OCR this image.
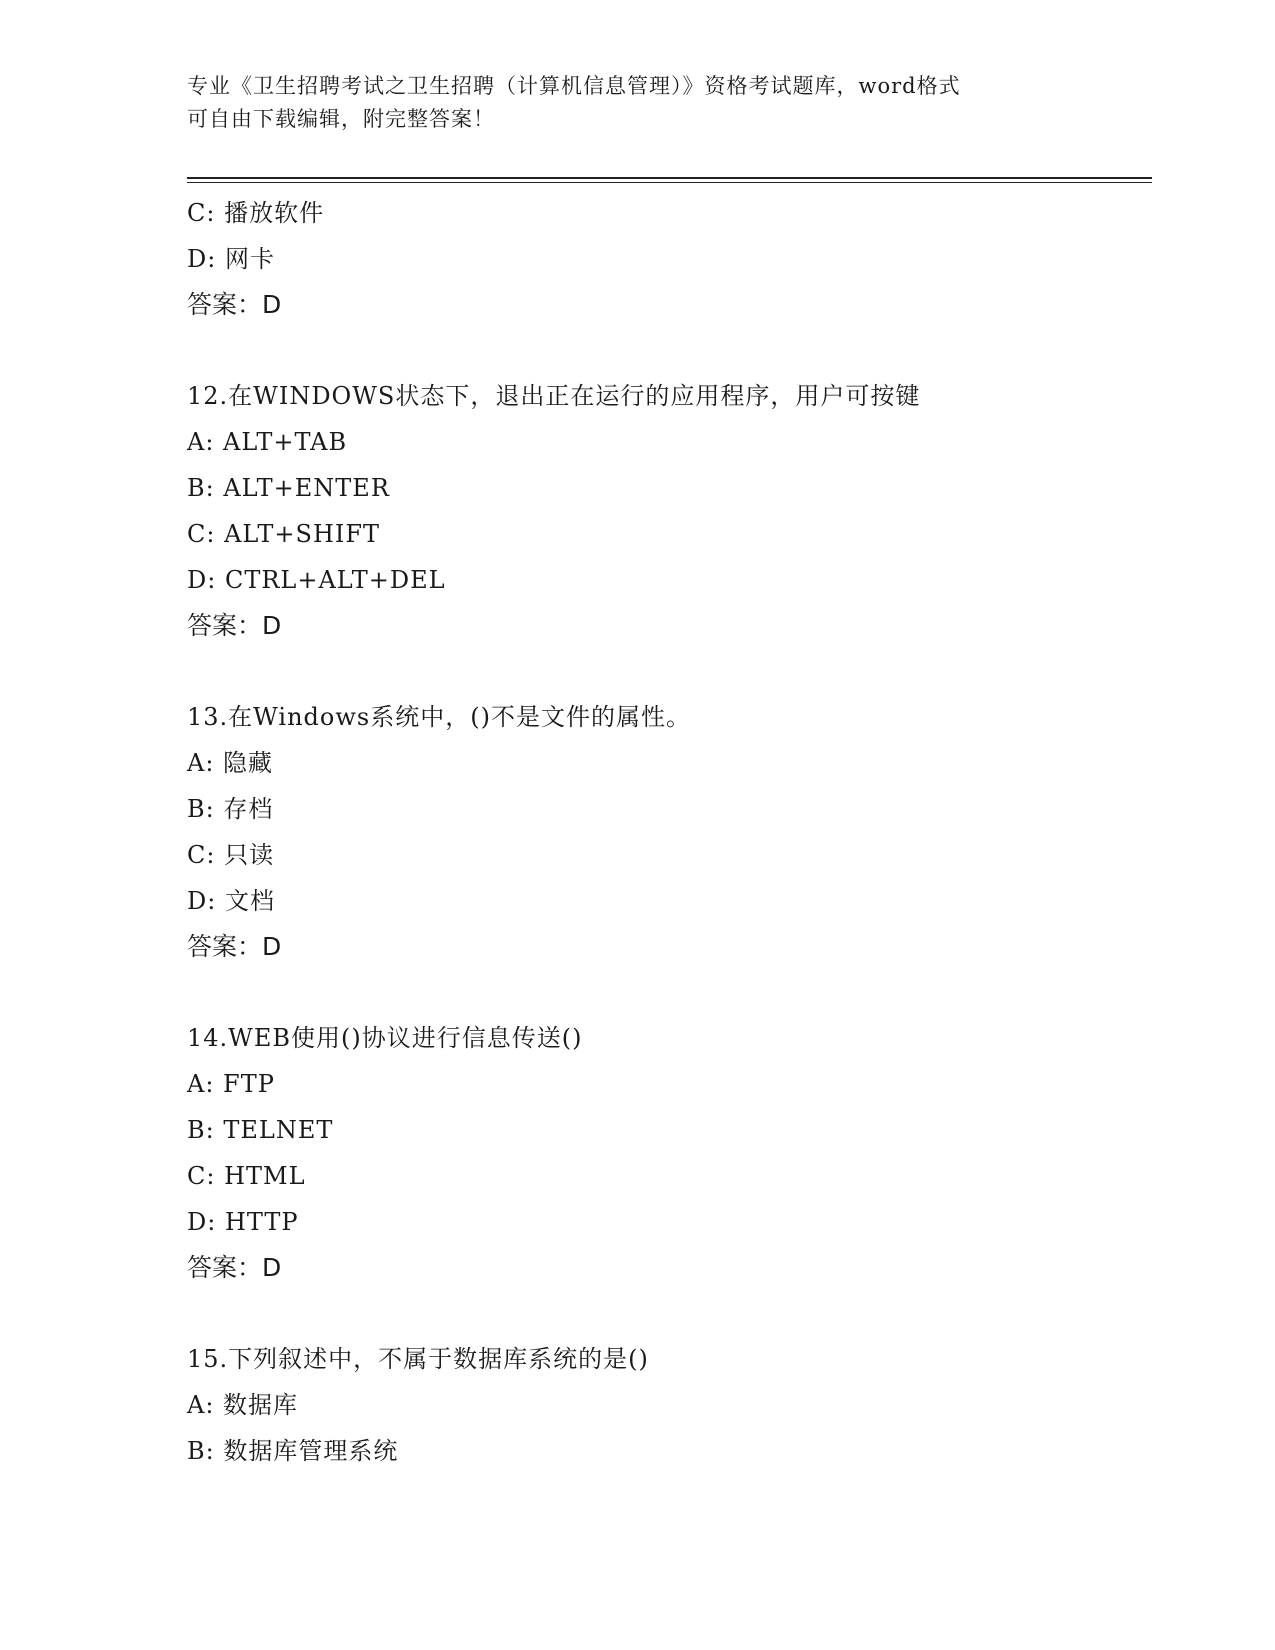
专业《卫生招聘考试之卫生招聘（计算机信息管理）》资格考试题库，word格式
可自由下载编辑，附完整答案！
C: 播放软件
D: 网卡
答案：D
12.在WINDOWS状态下，退出正在运行的应用程序，用户可按键
A: ALT+TAB
B: ALT+ENTER
C: ALT+SHIFT
D: CTRL+ALT+DEL
答案：D
13.在Windows系统中，()不是文件的属性。
A: 隐藏
B: 存档
C: 只读
D: 文档
答案：D
14.WEB使用()协议进行信息传送()
A: FTP
B: TELNET
C: HTML
D: HTTP
答案：D
15.下列叙述中，不属于数据库系统的是()
A: 数据库
B: 数据库管理系统
